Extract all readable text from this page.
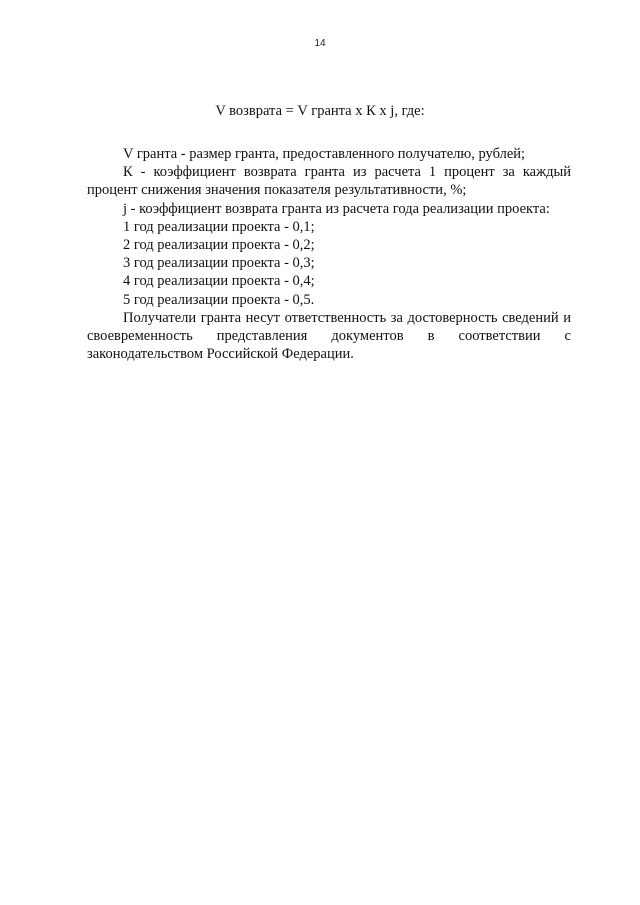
14
V возврата = V гранта x К x j, где:

V гранта - размер гранта, предоставленного получателю, рублей;

К - коэффициент возврата гранта из расчета 1 процент за каждый процент снижения значения показателя результативности, %;

j - коэффициент возврата гранта из расчета года реализации проекта:

1 год реализации проекта - 0,1;

2 год реализации проекта - 0,2;

3 год реализации проекта - 0,3;

4 год реализации проекта - 0,4;

5 год реализации проекта - 0,5.

Получатели гранта несут ответственность за достоверность сведений и своевременность представления документов в соответствии с законодательством Российской Федерации.
